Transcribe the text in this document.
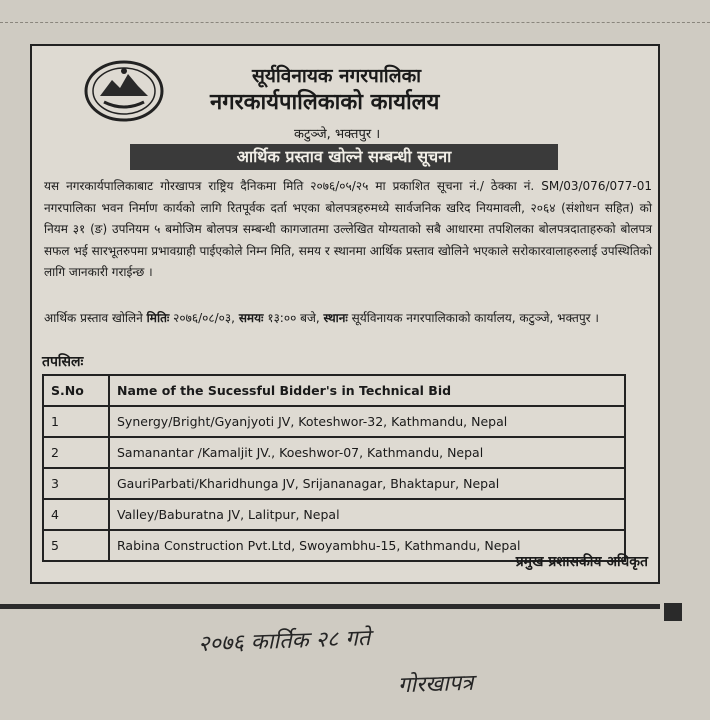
सूर्यविनायक नगरपालिका
नगरकार्यपालिकाको कार्यालय
कटुञ्जे, भक्तपुर ।
आर्थिक प्रस्ताव खोल्ने सम्बन्धी सूचना

यस नगरकार्यपालिकाबाट गोरखापत्र राष्ट्रिय दैनिकमा मिति २०७६/०५/२५ मा प्रकाशित सूचना नं./ ठेक्का नं. SM/03/076/077-01 नगरपालिका भवन निर्माण कार्यको लागि रितपूर्वक दर्ता भएका बोलपत्रहरुमध्ये सार्वजनिक खरिद नियमावली, २०६४ (संशोधन सहित) को नियम ३१ (ङ) उपनियम ५ बमोजिम बोलपत्र सम्बन्धी कागजातमा उल्लेखित योग्यताको सबै आधारमा तपशिलका बोलपत्रदाताहरुको बोलपत्र सफल भई सारभूतरुपमा प्रभावग्राही पाईएकोले निम्न मिति, समय र स्थानमा आर्थिक प्रस्ताव खोलिने भएकाले सरोकारवालाहरुलाई उपस्थितिको लागि जानकारी गराईन्छ ।

आर्थिक प्रस्ताव खोलिने मितिः २०७६/०८/०३, समयः १३:०० बजे, स्थानः सूर्यविनायक नगरपालिकाको कार्यालय, कटुञ्जे, भक्तपुर ।

तपसिलः
S.No	Name of the Sucessful Bidder's in Technical Bid
1	Synergy/Bright/Gyanjyoti JV, Koteshwor-32, Kathmandu, Nepal
2	Samanantar /Kamaljit JV., Koeshwor-07, Kathmandu, Nepal
3	GauriParbati/Kharidhunga JV, Srijananagar, Bhaktapur, Nepal
4	Valley/Baburatna JV, Lalitpur, Nepal
5	Rabina Construction Pvt.Ltd, Swoyambhu-15, Kathmandu, Nepal
प्रमुख प्रशासकीय अधिकृत
२०७६ कार्तिक २८ गते
गोरखापत्र
